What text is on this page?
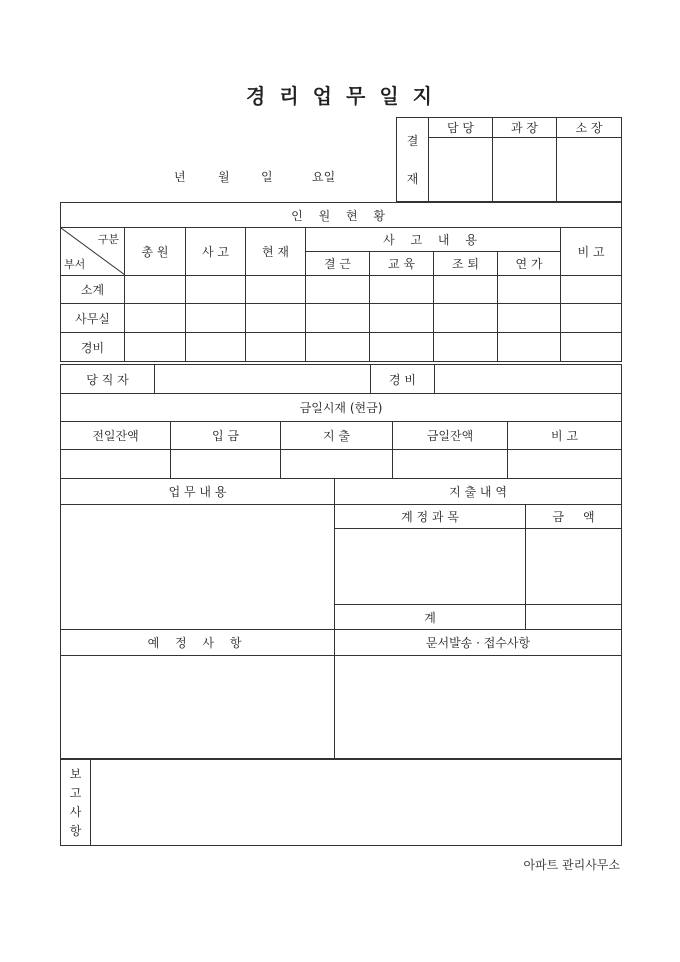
경 리 업 무 일 지
년	월	일	요일
결
재	담 당	과 장	소 장

인 원 현 황								

구분
부서	총 원	사 고	현 재	사 고 내 용				비 고
				결 근	교 육	조 퇴	연 가	
소계								
사무실								
경비								
당 직 자		경 비	
금일시재 (현금)				
전일잔액	입 금	지 출	금일잔액	비 고

업 무 내 용	지 출 내 역	
	계 정 과 목	금     액

	계	
예 정 사 항	문서발송 · 접수사항	

보
고
사
항

아파트 관리사무소
